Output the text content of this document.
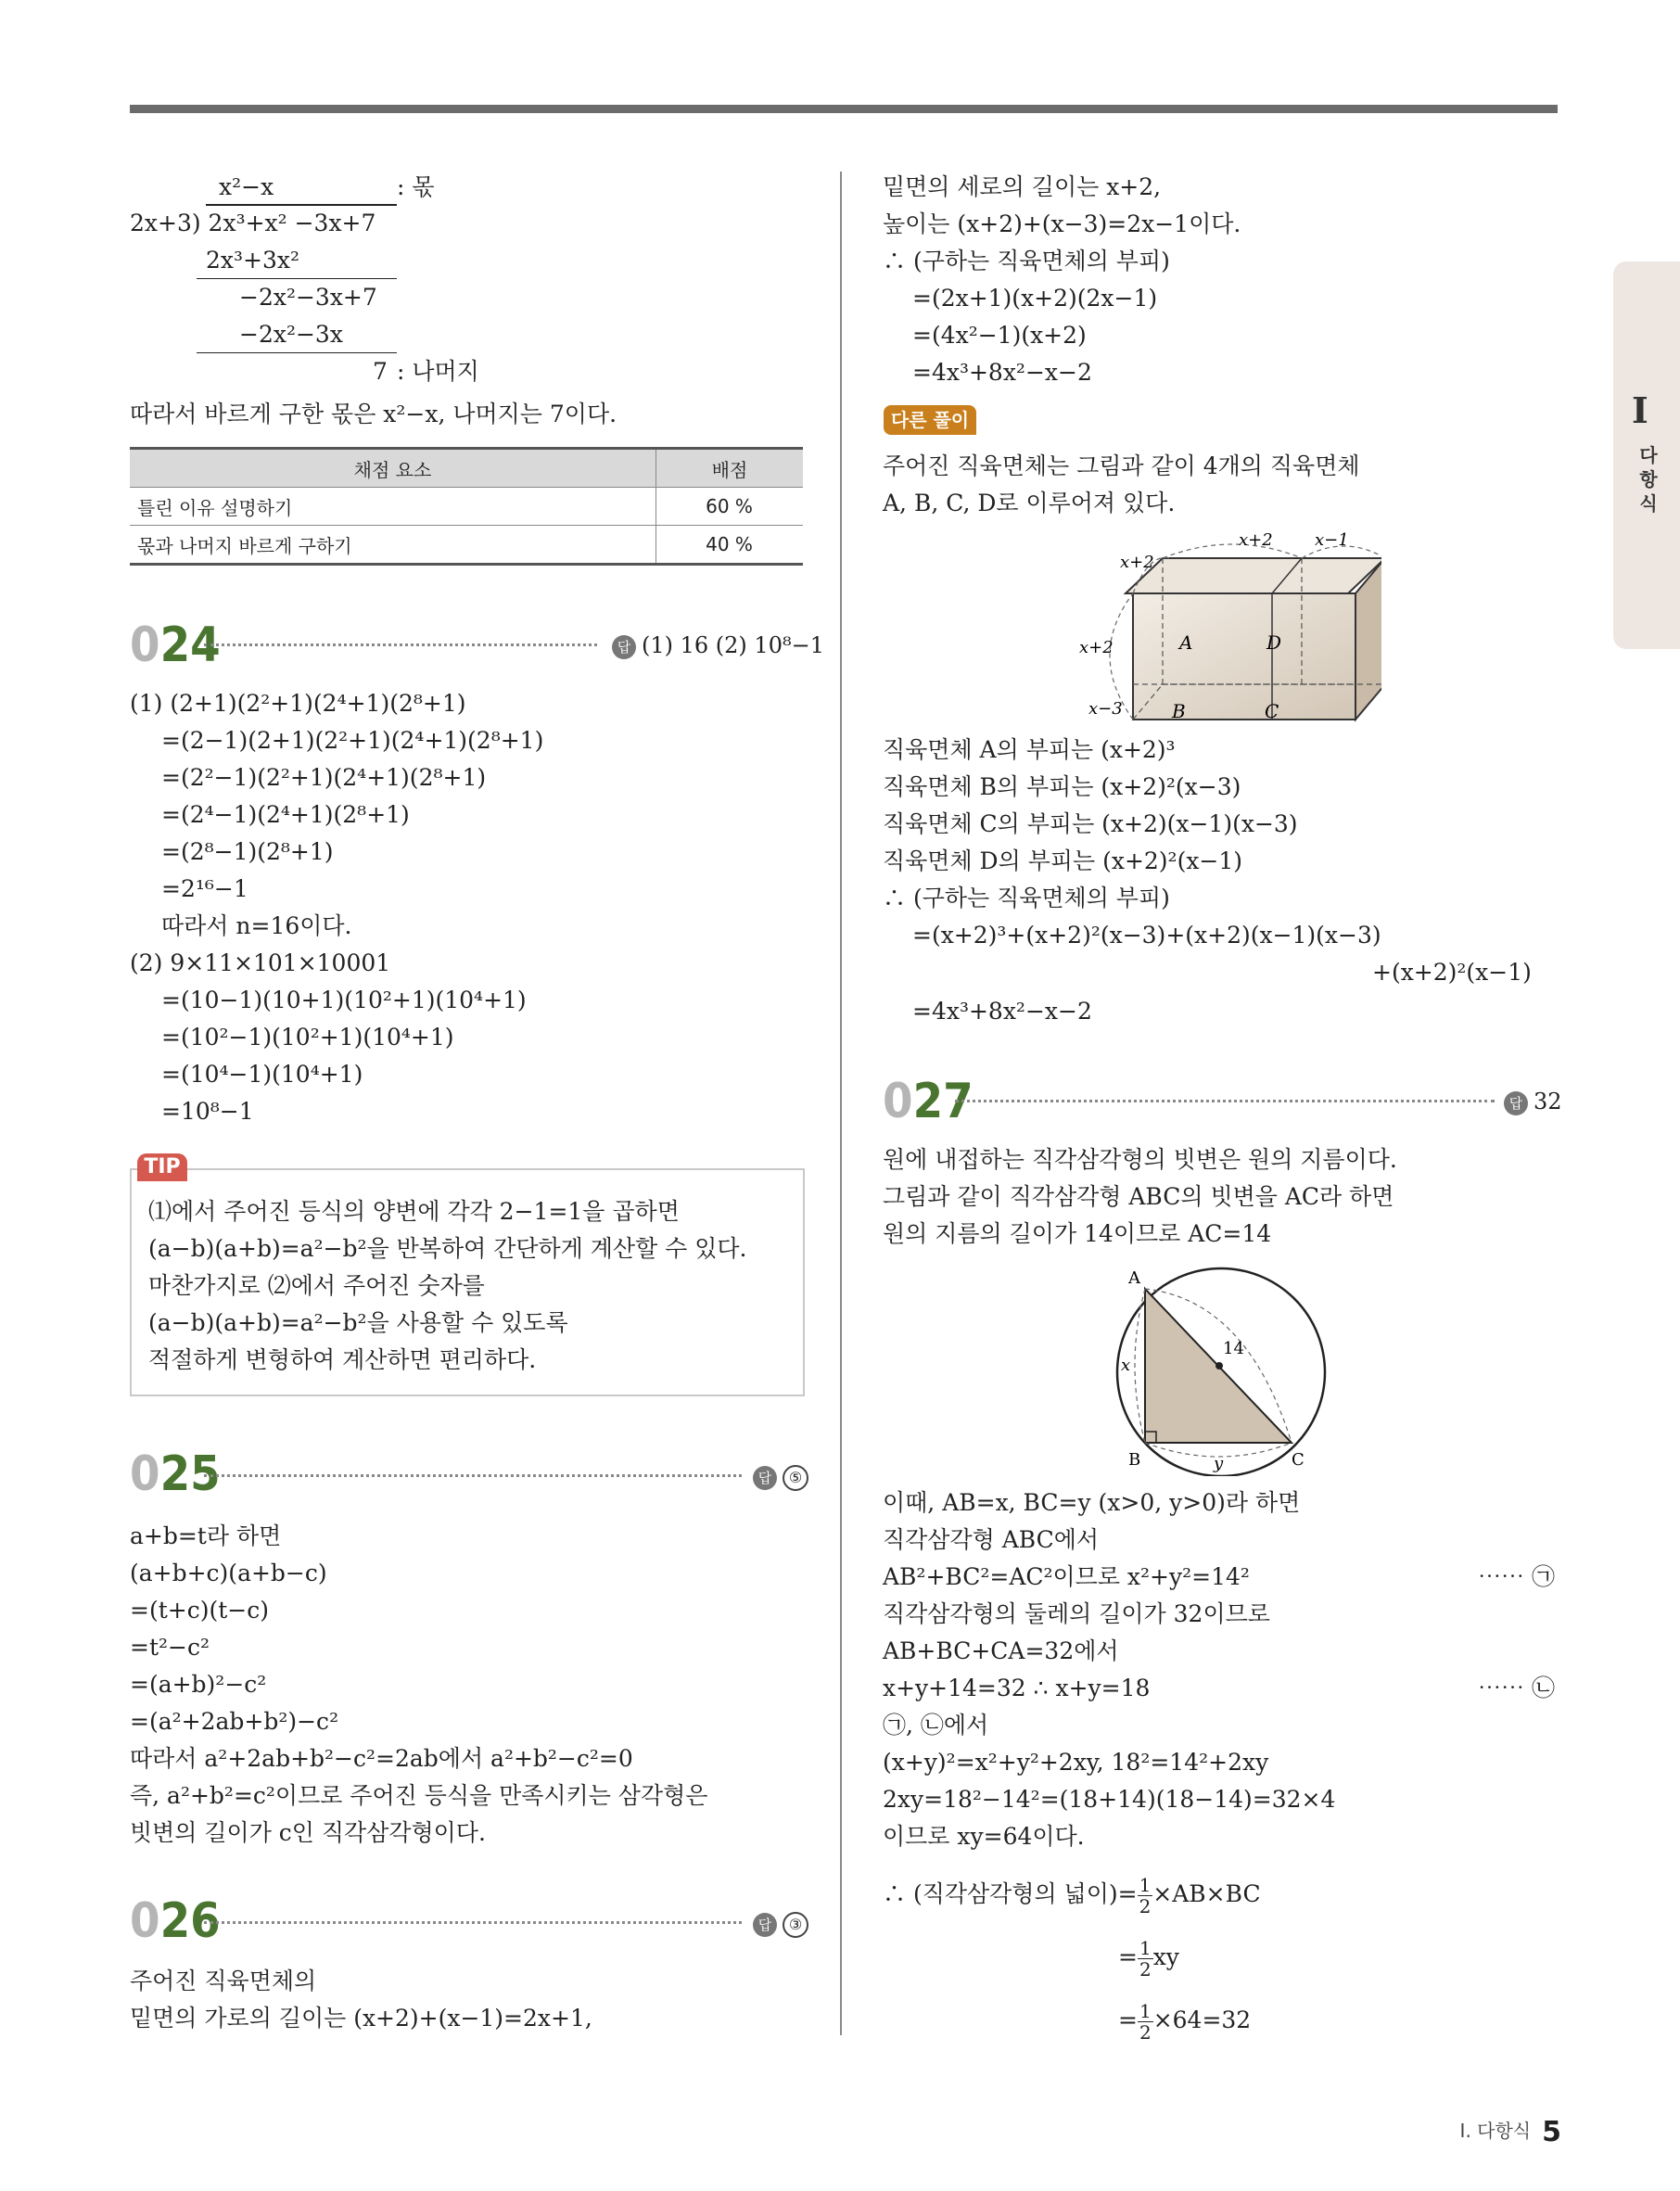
I
다항식
x²−x	: 몫
2x+3) 2x³+x² −3x+7
2x³+3x²
−2x²−3x+7
−2x²−3x
7 : 나머지
따라서 바르게 구한 몫은 x²−x, 나머지는 7이다.
채점 요소	배점
틀린 이유 설명하기	60 %
몫과 나머지 바르게 구하기	40 %
024	답 (1) 16 (2) 10⁸−1
(1) (2+1)(2²+1)(2⁴+1)(2⁸+1)
=(2−1)(2+1)(2²+1)(2⁴+1)(2⁸+1)
=(2²−1)(2²+1)(2⁴+1)(2⁸+1)
=(2⁴−1)(2⁴+1)(2⁸+1)
=(2⁸−1)(2⁸+1)
=2¹⁶−1
따라서 n=16이다.
(2) 9×11×101×10001
=(10−1)(10+1)(10²+1)(10⁴+1)
=(10²−1)(10²+1)(10⁴+1)
=(10⁴−1)(10⁴+1)
=10⁸−1
TIP
⑴에서 주어진 등식의 양변에 각각 2−1=1을 곱하면
(a−b)(a+b)=a²−b²을 반복하여 간단하게 계산할 수 있다.
마찬가지로 ⑵에서 주어진 숫자를
(a−b)(a+b)=a²−b²을 사용할 수 있도록
적절하게 변형하여 계산하면 편리하다.
025	답 ⑤
a+b=t라 하면
(a+b+c)(a+b−c)
=(t+c)(t−c)
=t²−c²
=(a+b)²−c²
=(a²+2ab+b²)−c²
따라서 a²+2ab+b²−c²=2ab에서 a²+b²−c²=0
즉, a²+b²=c²이므로 주어진 등식을 만족시키는 삼각형은
빗변의 길이가 c인 직각삼각형이다.
026	답 ③
주어진 직육면체의
밑면의 가로의 길이는 (x+2)+(x−1)=2x+1,
밑면의 세로의 길이는 x+2,
높이는 (x+2)+(x−3)=2x−1이다.
∴ (구하는 직육면체의 부피)
=(2x+1)(x+2)(2x−1)
=(4x²−1)(x+2)
=4x³+8x²−x−2
다른 풀이
주어진 직육면체는 그림과 같이 4개의 직육면체
A, B, C, D로 이루어져 있다.
x+2
x+2	x−1
x+2
x−3
A
B	C
D
직육면체 A의 부피는 (x+2)³
직육면체 B의 부피는 (x+2)²(x−3)
직육면체 C의 부피는 (x+2)(x−1)(x−3)
직육면체 D의 부피는 (x+2)²(x−1)
∴ (구하는 직육면체의 부피)
=(x+2)³+(x+2)²(x−3)+(x+2)(x−1)(x−3)
+(x+2)²(x−1)
=4x³+8x²−x−2
027	답 32
원에 내접하는 직각삼각형의 빗변은 원의 지름이다.
그림과 같이 직각삼각형 ABC의 빗변을 AC라 하면
원의 지름의 길이가 14이므로 AC=14
A
B	C
x
y
14
이때, AB=x, BC=y (x>0, y>0)라 하면
직각삼각형 ABC에서
AB²+BC²=AC²이므로 x²+y²=14²	⋯⋯ ㉠
직각삼각형의 둘레의 길이가 32이므로
AB+BC+CA=32에서
x+y+14=32 ∴ x+y=18	⋯⋯ ㉡
㉠, ㉡에서
(x+y)²=x²+y²+2xy, 18²=14²+2xy
2xy=18²−14²=(18+14)(18−14)=32×4
이므로 xy=64이다.
∴ (직각삼각형의 넓이)= $\frac{1}{2} \times AB\times BC$
= $\frac{1}{2}$ xy
= $\frac{1}{2} \times 64=32$
Ⅰ. 다항식 5
